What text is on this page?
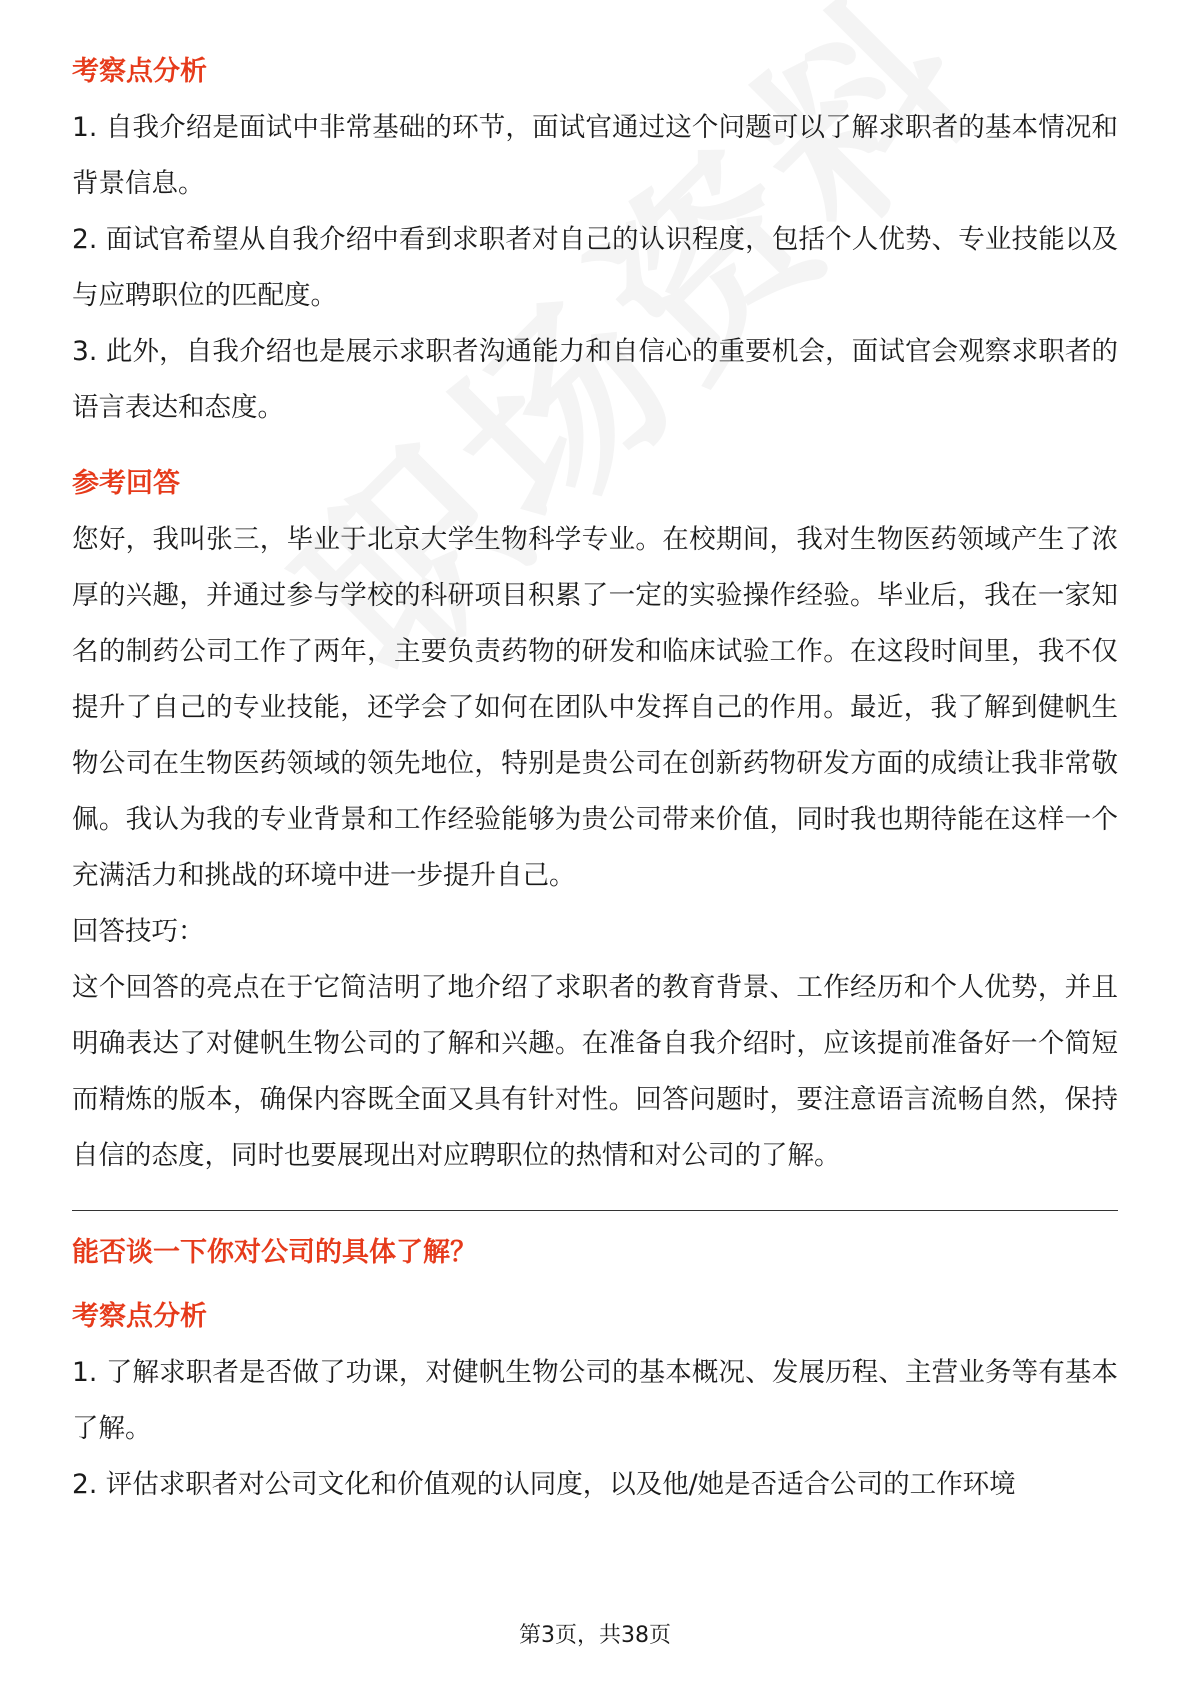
考察点分析

1. 自我介绍是面试中非常基础的环节，面试官通过这个问题可以了解求职者的基本情况和背景信息。

2. 面试官希望从自我介绍中看到求职者对自己的认识程度，包括个人优势、专业技能以及与应聘职位的匹配度。

3. 此外，自我介绍也是展示求职者沟通能力和自信心的重要机会，面试官会观察求职者的语言表达和态度。

参考回答

您好，我叫张三，毕业于北京大学生物科学专业。在校期间，我对生物医药领域产生了浓厚的兴趣，并通过参与学校的科研项目积累了一定的实验操作经验。毕业后，我在一家知名的制药公司工作了两年，主要负责药物的研发和临床试验工作。在这段时间里，我不仅提升了自己的专业技能，还学会了如何在团队中发挥自己的作用。最近，我了解到健帆生物公司在生物医药领域的领先地位，特别是贵公司在创新药物研发方面的成绩让我非常敬佩。我认为我的专业背景和工作经验能够为贵公司带来价值，同时我也期待能在这样一个充满活力和挑战的环境中进一步提升自己。

回答技巧：

这个回答的亮点在于它简洁明了地介绍了求职者的教育背景、工作经历和个人优势，并且明确表达了对健帆生物公司的了解和兴趣。在准备自我介绍时，应该提前准备好一个简短而精炼的版本，确保内容既全面又具有针对性。回答问题时，要注意语言流畅自然，保持自信的态度，同时也要展现出对应聘职位的热情和对公司的了解。

能否谈一下你对公司的具体了解？

考察点分析

1. 了解求职者是否做了功课，对健帆生物公司的基本概况、发展历程、主营业务等有基本了解。

2. 评估求职者对公司文化和价值观的认同度，以及他/她是否适合公司的工作环境

第3页，共38页
